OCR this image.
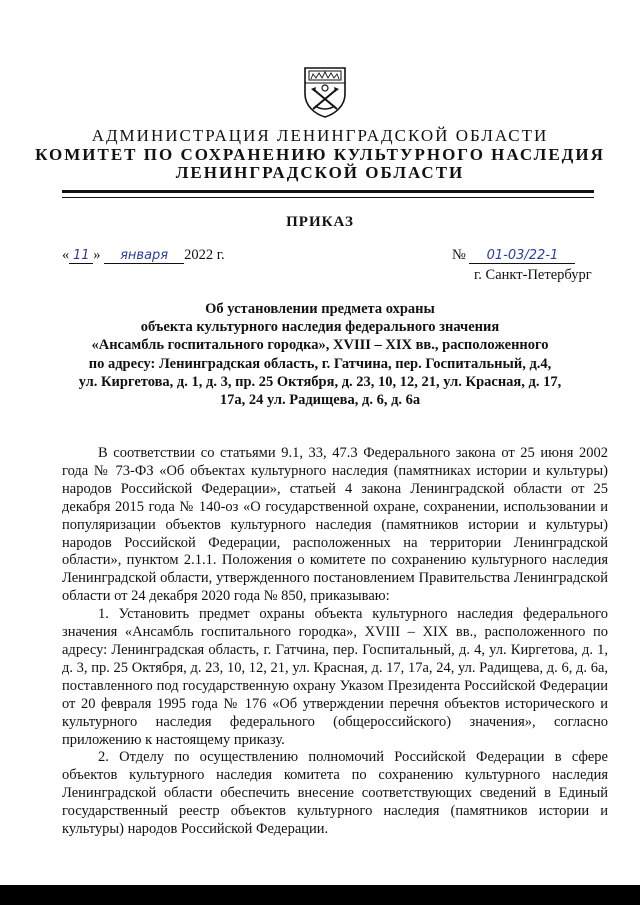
АДМИНИСТРАЦИЯ ЛЕНИНГРАДСКОЙ ОБЛАСТИ
КОМИТЕТ ПО СОХРАНЕНИЮ КУЛЬТУРНОГО НАСЛЕДИЯ
ЛЕНИНГРАДСКОЙ ОБЛАСТИ
ПРИКАЗ
« 11 » января 2022 г.	№ 01-03/22-1
г. Санкт-Петербург
Об установлении предмета охраны
объекта культурного наследия федерального значения
«Ансамбль госпитального городка», XVIII – XIX вв., расположенного
по адресу: Ленинградская область, г. Гатчина, пер. Госпитальный, д.4,
ул. Киргетова, д. 1, д. 3, пр. 25 Октября, д. 23, 10, 12, 21, ул. Красная, д. 17,
17а, 24 ул. Радищева, д. 6, д. 6а

В соответствии со статьями 9.1, 33, 47.3 Федерального закона от 25 июня 2002 года № 73-ФЗ «Об объектах культурного наследия (памятниках истории и культуры) народов Российской Федерации», статьей 4 закона Ленинградской области от 25 декабря 2015 года № 140-оз «О государственной охране, сохранении, использовании и популяризации объектов культурного наследия (памятников истории и культуры) народов Российской Федерации, расположенных на территории Ленинградской области», пунктом 2.1.1. Положения о комитете по сохранению культурного наследия Ленинградской области, утвержденного постановлением Правительства Ленинградской области от 24 декабря 2020 года № 850, приказываю:

1. Установить предмет охраны объекта культурного наследия федерального значения «Ансамбль госпитального городка», XVIII – XIX вв., расположенного по адресу: Ленинградская область, г. Гатчина, пер. Госпитальный, д. 4, ул. Киргетова, д. 1, д. 3, пр. 25 Октября, д. 23, 10, 12, 21, ул. Красная, д. 17, 17а, 24, ул. Радищева, д. 6, д. 6а, поставленного под государственную охрану Указом Президента Российской Федерации от 20 февраля 1995 года № 176 «Об утверждении перечня объектов исторического и культурного наследия федерального (общероссийского) значения», согласно приложению к настоящему приказу.

2. Отделу по осуществлению полномочий Российской Федерации в сфере объектов культурного наследия комитета по сохранению культурного наследия Ленинградской области обеспечить внесение соответствующих сведений в Единый государственный реестр объектов культурного наследия (памятников истории и культуры) народов Российской Федерации.
